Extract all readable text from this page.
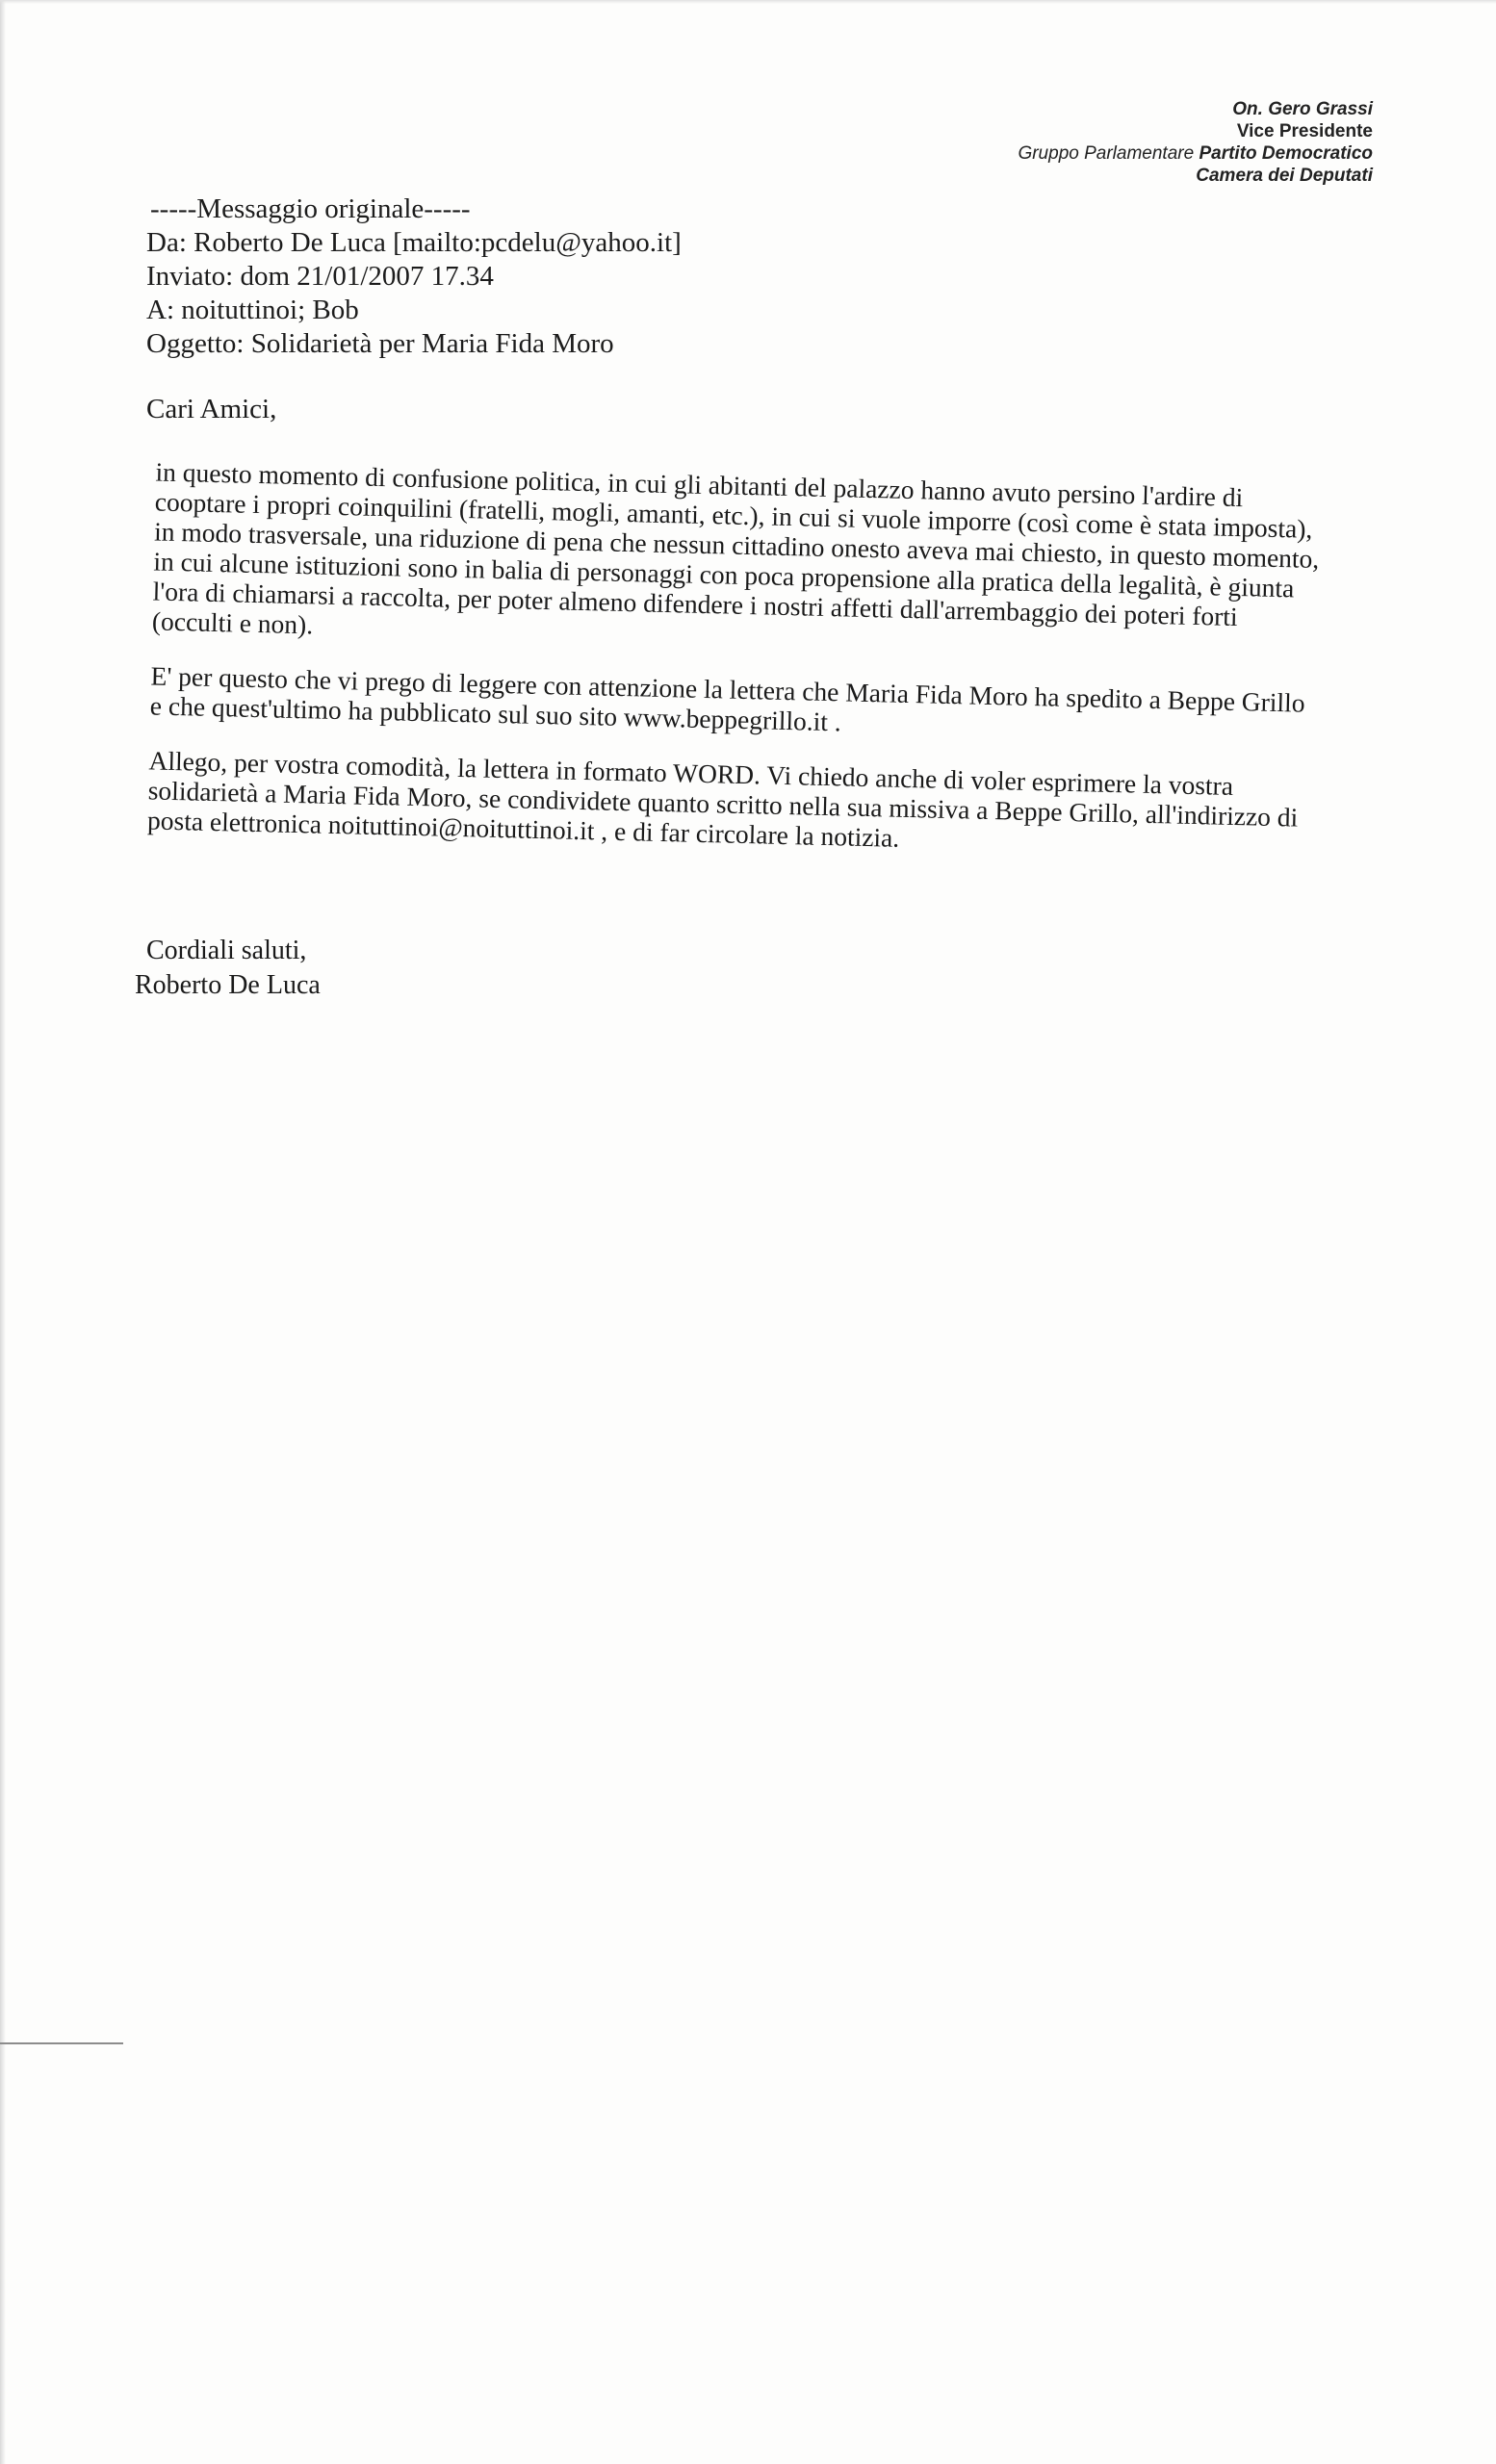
On. Gero Grassi
Vice Presidente
Gruppo Parlamentare Partito Democratico
Camera dei Deputati
-----Messaggio originale-----
Da: Roberto De Luca [mailto:pcdelu@yahoo.it]
Inviato: dom 21/01/2007 17.34
A: noituttinoi; Bob
Oggetto: Solidarietà per Maria Fida Moro
Cari Amici,

in questo momento di confusione politica, in cui gli abitanti del palazzo hanno avuto persino l'ardire di cooptare i propri coinquilini (fratelli, mogli, amanti, etc.), in cui si vuole imporre (così come è stata imposta), in modo trasversale, una riduzione di pena che nessun cittadino onesto aveva mai chiesto, in questo momento, in cui alcune istituzioni sono in balia di personaggi con poca propensione alla pratica della legalità, è giunta l'ora di chiamarsi a raccolta, per poter almeno difendere i nostri affetti dall'arrembaggio dei poteri forti (occulti e non).

E' per questo che vi prego di leggere con attenzione la lettera che Maria Fida Moro ha spedito a Beppe Grillo e che quest'ultimo ha pubblicato sul suo sito www.beppegrillo.it .

Allego, per vostra comodità, la lettera in formato WORD. Vi chiedo anche di voler esprimere la vostra solidarietà a Maria Fida Moro, se condividete quanto scritto nella sua missiva a Beppe Grillo, all'indirizzo di posta elettronica noituttinoi@noituttinoi.it , e di far circolare la notizia.

Cordiali saluti,
Roberto De Luca
